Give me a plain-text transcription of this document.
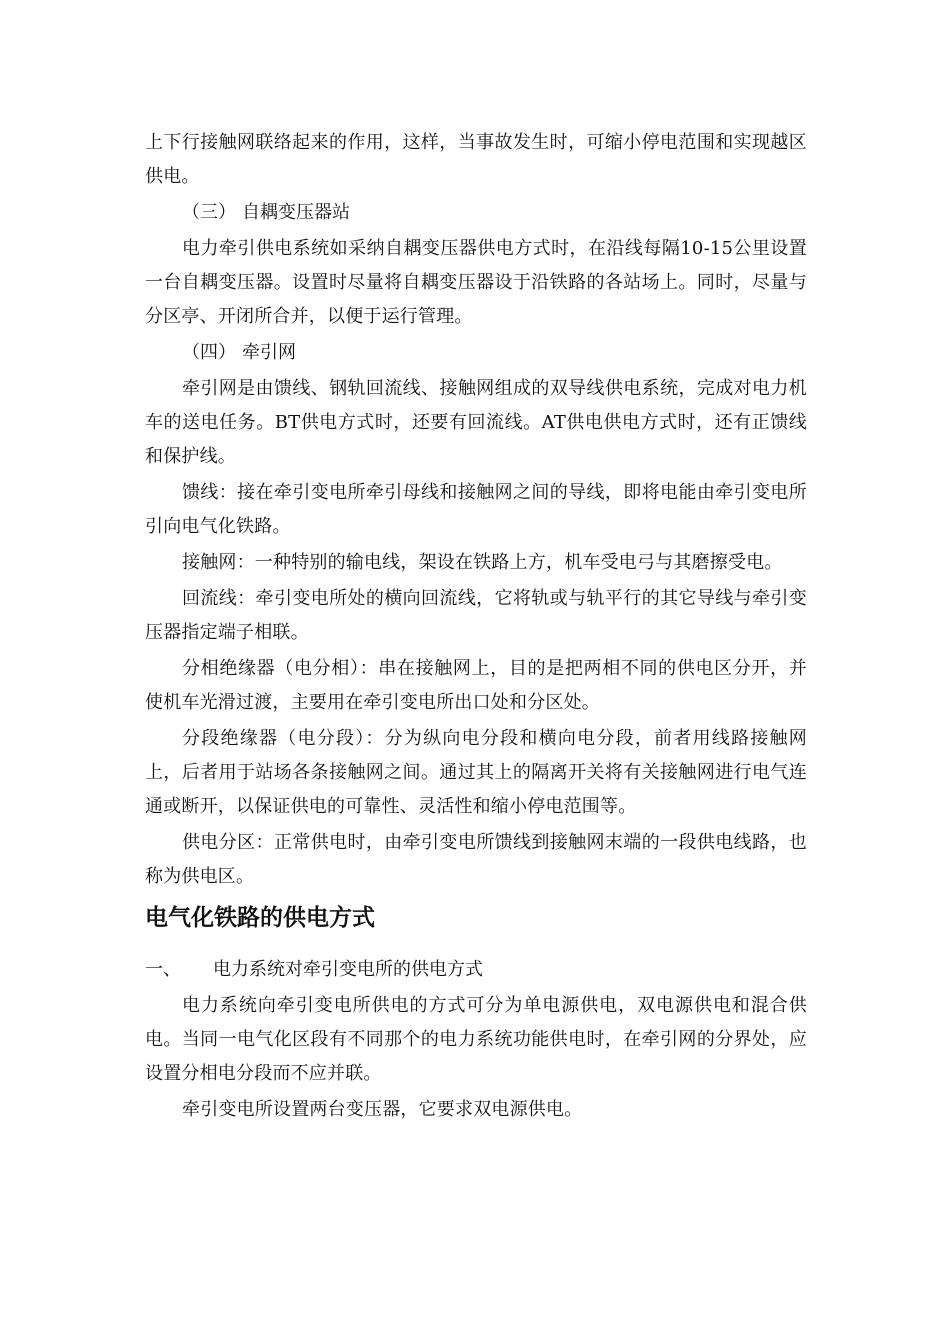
上下行接触网联络起来的作用，这样，当事故发生时，可缩小停电范围和实现越区供电。

（三） 自耦变压器站

电力牵引供电系统如采纳自耦变压器供电方式时，在沿线每隔10-15公里设置一台自耦变压器。设置时尽量将自耦变压器设于沿铁路的各站场上。同时，尽量与分区亭、开闭所合并，以便于运行管理。

（四） 牵引网

牵引网是由馈线、钢轨回流线、接触网组成的双导线供电系统，完成对电力机车的送电任务。BT供电方式时，还要有回流线。AT供电供电方式时，还有正馈线和保护线。

馈线：接在牵引变电所牵引母线和接触网之间的导线，即将电能由牵引变电所引向电气化铁路。

接触网：一种特别的输电线，架设在铁路上方，机车受电弓与其磨擦受电。

回流线：牵引变电所处的横向回流线，它将轨或与轨平行的其它导线与牵引变压器指定端子相联。

分相绝缘器（电分相）：串在接触网上，目的是把两相不同的供电区分开，并使机车光滑过渡，主要用在牵引变电所出口处和分区处。

分段绝缘器（电分段）：分为纵向电分段和横向电分段，前者用线路接触网上，后者用于站场各条接触网之间。通过其上的隔离开关将有关接触网进行电气连通或断开，以保证供电的可靠性、灵活性和缩小停电范围等。

供电分区：正常供电时，由牵引变电所馈线到接触网末端的一段供电线路，也称为供电区。

电气化铁路的供电方式
一、 电力系统对牵引变电所的供电方式

电力系统向牵引变电所供电的方式可分为单电源供电，双电源供电和混合供电。当同一电气化区段有不同那个的电力系统功能供电时，在牵引网的分界处，应设置分相电分段而不应并联。

牵引变电所设置两台变压器，它要求双电源供电。
